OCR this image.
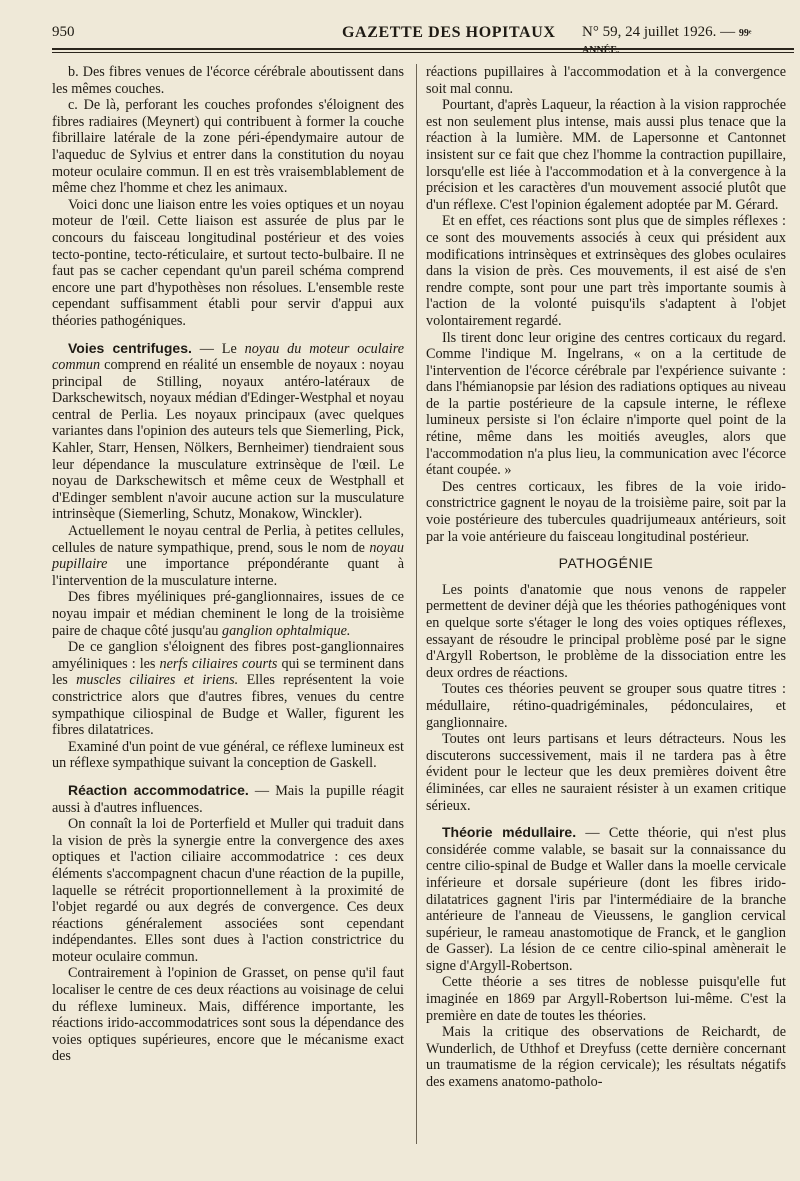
950	GAZETTE DES HOPITAUX N° 59, 24 juillet 1926. — 99ᵉ ANNÉE.

b. Des fibres venues de l'écorce cérébrale aboutissent dans les mêmes couches.

c. De là, perforant les couches profondes s'éloignent des fibres radiaires (Meynert) qui contribuent à former la couche fibrillaire latérale de la zone péri-épendymaire autour de l'aqueduc de Sylvius et entrer dans la constitution du noyau moteur oculaire commun. Il en est très vraisemblablement de même chez l'homme et chez les animaux.

Voici donc une liaison entre les voies optiques et un noyau moteur de l'œil. Cette liaison est assurée de plus par le concours du faisceau longitudinal postérieur et des voies tecto-pontine, tecto-réticulaire, et surtout tecto-bulbaire. Il ne faut pas se cacher cependant qu'un pareil schéma comprend encore une part d'hypothèses non résolues. L'ensemble reste cependant suffisamment établi pour servir d'appui aux théories pathogéniques.

Voies centrifuges. — Le noyau du moteur oculaire commun comprend en réalité un ensemble de noyaux : noyau principal de Stilling, noyaux antéro-latéraux de Darkschewitsch, noyaux médian d'Edinger-Westphal et noyau central de Perlia. Les noyaux principaux (avec quelques variantes dans l'opinion des auteurs tels que Siemerling, Pick, Kahler, Starr, Hensen, Nölkers, Bernheimer) tiendraient sous leur dépendance la musculature extrinsèque de l'œil. Le noyau de Darkschewitsch et même ceux de Westphall et d'Edinger semblent n'avoir aucune action sur la musculature intrinsèque (Siemerling, Schutz, Monakow, Winckler).

Actuellement le noyau central de Perlia, à petites cellules, cellules de nature sympathique, prend, sous le nom de noyau pupillaire une importance prépondérante quant à l'intervention de la musculature interne.

Des fibres myéliniques pré-ganglionnaires, issues de ce noyau impair et médian cheminent le long de la troisième paire de chaque côté jusqu'au ganglion ophtalmique.

De ce ganglion s'éloignent des fibres post-ganglionnaires amyéliniques : les nerfs ciliaires courts qui se terminent dans les muscles ciliaires et iriens. Elles représentent la voie constrictrice alors que d'autres fibres, venues du centre sympathique ciliospinal de Budge et Waller, figurent les fibres dilatatrices.

Examiné d'un point de vue général, ce réflexe lumineux est un réflexe sympathique suivant la conception de Gaskell.

Réaction accommodatrice. — Mais la pupille réagit aussi à d'autres influences.

On connaît la loi de Porterfield et Muller qui traduit dans la vision de près la synergie entre la convergence des axes optiques et l'action ciliaire accommodatrice : ces deux éléments s'accompagnent chacun d'une réaction de la pupille, laquelle se rétrécit proportionnellement à la proximité de l'objet regardé ou aux degrés de convergence. Ces deux réactions généralement associées sont cependant indépendantes. Elles sont dues à l'action constrictrice du moteur oculaire commun.

Contrairement à l'opinion de Grasset, on pense qu'il faut localiser le centre de ces deux réactions au voisinage de celui du réflexe lumineux. Mais, différence importante, les réactions irido-accommodatrices sont sous la dépendance des voies optiques supérieures, encore que le mécanisme exact des

réactions pupillaires à l'accommodation et à la convergence soit mal connu.

Pourtant, d'après Laqueur, la réaction à la vision rapprochée est non seulement plus intense, mais aussi plus tenace que la réaction à la lumière. MM. de Lapersonne et Cantonnet insistent sur ce fait que chez l'homme la contraction pupillaire, lorsqu'elle est liée à l'accommodation et à la convergence à la précision et les caractères d'un mouvement associé plutôt que d'un réflexe. C'est l'opinion également adoptée par M. Gérard.

Et en effet, ces réactions sont plus que de simples réflexes : ce sont des mouvements associés à ceux qui président aux modifications intrinsèques et extrinsèques des globes oculaires dans la vision de près. Ces mouvements, il est aisé de s'en rendre compte, sont pour une part très importante soumis à l'action de la volonté puisqu'ils s'adaptent à l'objet volontairement regardé.

Ils tirent donc leur origine des centres corticaux du regard. Comme l'indique M. Ingelrans, « on a la certitude de l'intervention de l'écorce cérébrale par l'expérience suivante : dans l'hémianopsie par lésion des radiations optiques au niveau de la partie postérieure de la capsule interne, le réflexe lumineux persiste si l'on éclaire n'importe quel point de la rétine, même dans les moitiés aveugles, alors que l'accommodation n'a plus lieu, la communication avec l'écorce étant coupée. »

Des centres corticaux, les fibres de la voie irido-constrictrice gagnent le noyau de la troisième paire, soit par la voie postérieure des tubercules quadrijumeaux antérieurs, soit par la voie antérieure du faisceau longitudinal postérieur.

PATHOGÉNIE

Les points d'anatomie que nous venons de rappeler permettent de deviner déjà que les théories pathogéniques vont en quelque sorte s'étager le long des voies optiques réflexes, essayant de résoudre le principal problème posé par le signe d'Argyll Robertson, le problème de la dissociation entre les deux ordres de réactions.

Toutes ces théories peuvent se grouper sous quatre titres : médullaire, rétino-quadrigéminales, pédonculaires, et ganglionnaire.

Toutes ont leurs partisans et leurs détracteurs. Nous les discuterons successivement, mais il ne tardera pas à être évident pour le lecteur que les deux premières doivent être éliminées, car elles ne sauraient résister à un examen critique sérieux.

Théorie médullaire. — Cette théorie, qui n'est plus considérée comme valable, se basait sur la connaissance du centre cilio-spinal de Budge et Waller dans la moelle cervicale inférieure et dorsale supérieure (dont les fibres irido-dilatatrices gagnent l'iris par l'intermédiaire de la branche antérieure de l'anneau de Vieussens, le ganglion cervical supérieur, le rameau anastomotique de Franck, et le ganglion de Gasser). La lésion de ce centre cilio-spinal amènerait le signe d'Argyll-Robertson.

Cette théorie a ses titres de noblesse puisqu'elle fut imaginée en 1869 par Argyll-Robertson lui-même. C'est la première en date de toutes les théories.

Mais la critique des observations de Reichardt, de Wunderlich, de Uthhof et Dreyfuss (cette dernière concernant un traumatisme de la région cervicale); les résultats négatifs des examens anatomo-patholo-
